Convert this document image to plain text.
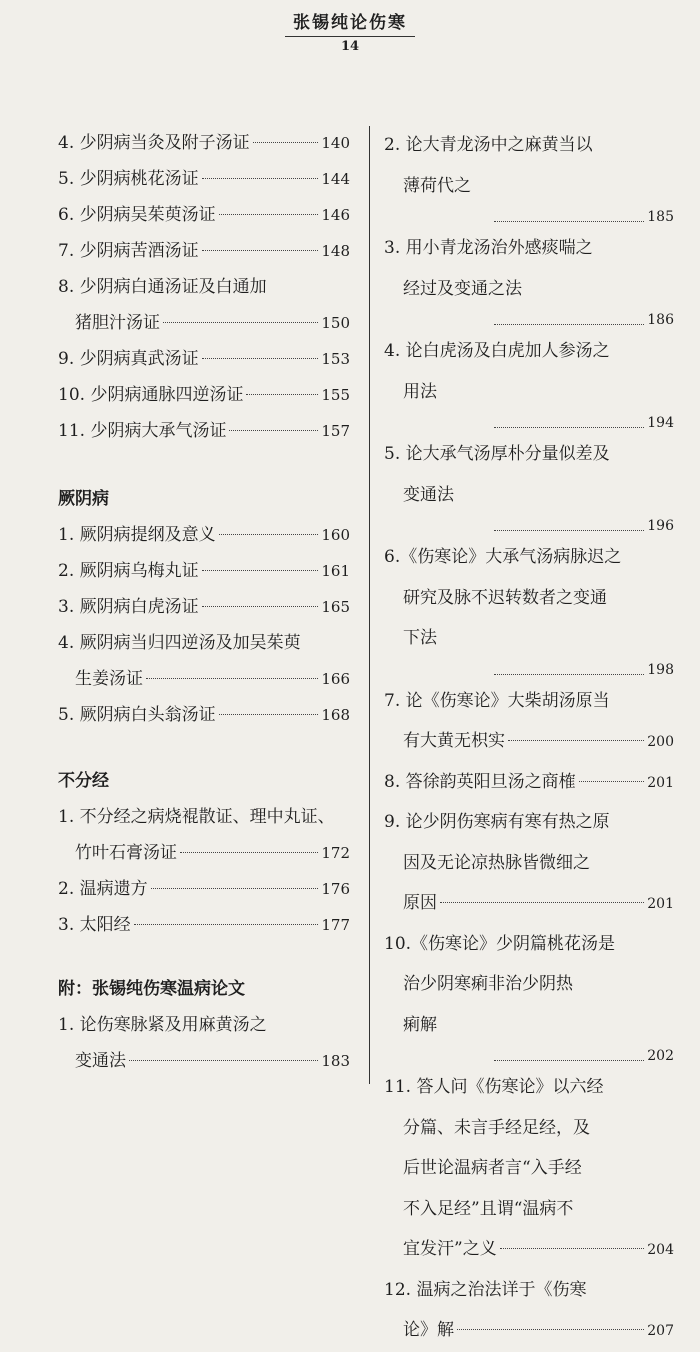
张锡纯论伤寒
14
4. 少阴病当灸及附子汤证	140
5. 少阴病桃花汤证	144
6. 少阴病吴茱萸汤证	146
7. 少阴病苦酒汤证	148
8. 少阴病白通汤证及白通加
猪胆汁汤证	150
9. 少阴病真武汤证	153
10. 少阴病通脉四逆汤证	155
11. 少阴病大承气汤证	157
厥阴病
1. 厥阴病提纲及意义	160
2. 厥阴病乌梅丸证	161
3. 厥阴病白虎汤证	165
4. 厥阴病当归四逆汤及加吴茱萸
生姜汤证	166
5. 厥阴病白头翁汤证	168
不分经
1. 不分经之病烧裩散证、理中丸证、
竹叶石膏汤证	172
2. 温病遗方	176
3. 太阳经	177
附：张锡纯伤寒温病论文
1. 论伤寒脉紧及用麻黄汤之
变通法	183
2. 论大青龙汤中之麻黄当以
薄荷代之
185
3. 用小青龙汤治外感痰喘之
经过及变通之法
186
4. 论白虎汤及白虎加人参汤之
用法
194
5. 论大承气汤厚朴分量似差及
变通法
196
6.《伤寒论》大承气汤病脉迟之
研究及脉不迟转数者之变通
下法
198
7. 论《伤寒论》大柴胡汤原当
有大黄无枳实	200
8. 答徐韵英阳旦汤之商榷	201
9. 论少阴伤寒病有寒有热之原
因及无论凉热脉皆微细之
原因	201
10.《伤寒论》少阴篇桃花汤是
治少阴寒痢非治少阴热
痢解
202
11. 答人问《伤寒论》以六经
分篇、未言手经足经，及
后世论温病者言“入手经
不入足经”且谓“温病不
宜发汗”之义	204
12. 温病之治法详于《伤寒
论》解	207
